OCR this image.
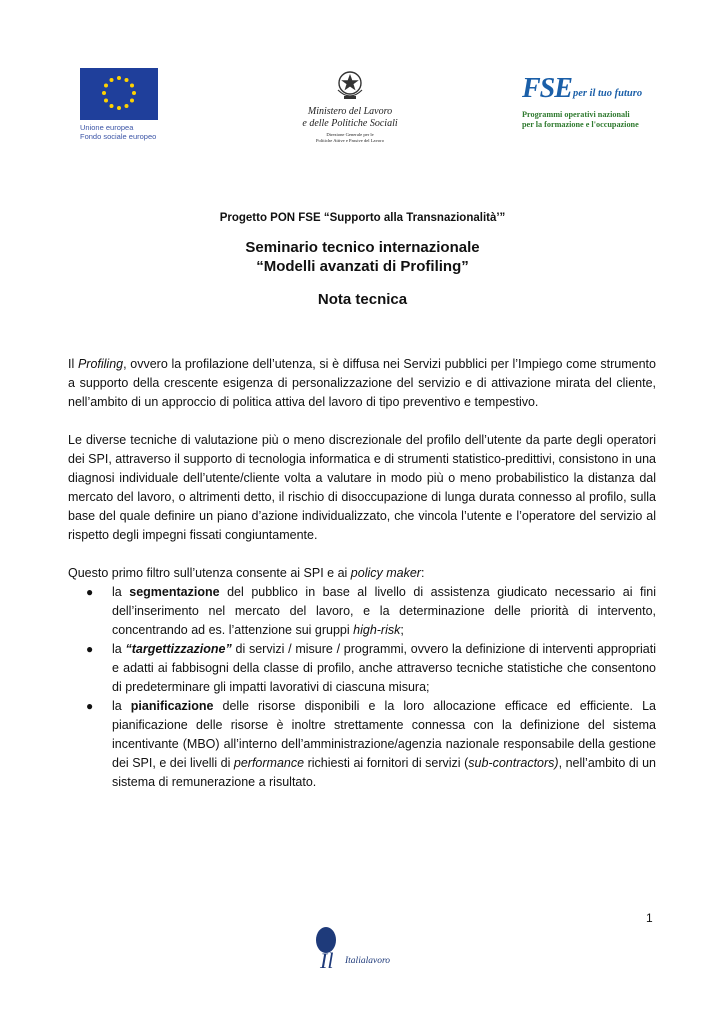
Unione europea
Fondo sociale europeo
Ministero del Lavoro
e delle Politiche Sociali
Direzione Generale per le
Politiche Attive e Passive del Lavoro
FSE per il tuo futuro
Programmi operativi nazionali
per la formazione e l'occupazione
Progetto PON FSE “Supporto alla Transnazionalità’”
Seminario tecnico internazionale
“Modelli avanzati di Profiling”
Nota tecnica

Il Profiling, ovvero la profilazione dell’utenza, si è diffusa nei Servizi pubblici per l’Impiego come strumento a supporto della crescente esigenza di personalizzazione del servizio e di attivazione mirata del cliente, nell’ambito di un approccio di politica attiva del lavoro di tipo preventivo e tempestivo.

Le diverse tecniche di valutazione più o meno discrezionale del profilo dell’utente da parte degli operatori dei SPI, attraverso il supporto di tecnologia informatica e di strumenti statistico-predittivi, consistono in una diagnosi individuale dell’utente/cliente volta a valutare in modo più o meno probabilistico la distanza dal mercato del lavoro, o altrimenti detto, il rischio di disoccupazione di lunga durata connesso al profilo, sulla base del quale definire un piano d’azione individualizzato, che vincola l’utente e l’operatore del servizio al rispetto degli impegni fissati congiuntamente.

Questo primo filtro sull’utenza consente ai SPI e ai policy maker:
● la segmentazione del pubblico in base al livello di assistenza giudicato necessario ai fini dell’inserimento nel mercato del lavoro, e la determinazione delle priorità di intervento, concentrando ad es. l’attenzione sui gruppi high-risk;
● la “targettizzazione” di servizi / misure / programmi, ovvero la definizione di interventi appropriati e adatti ai fabbisogni della classe di profilo, anche attraverso tecniche statistiche che consentono di predeterminare gli impatti lavorativi di ciascuna misura;
● la pianificazione delle risorse disponibili e la loro allocazione efficace ed efficiente. La pianificazione delle risorse è inoltre strettamente connessa con la definizione del sistema incentivante (MBO) all’interno dell’amministrazione/agenzia nazionale responsabile della gestione dei SPI, e dei livelli di performance richiesti ai fornitori di servizi (sub-contractors), nell’ambito di un sistema di remunerazione a risultato.
1
Il Italialavoro
